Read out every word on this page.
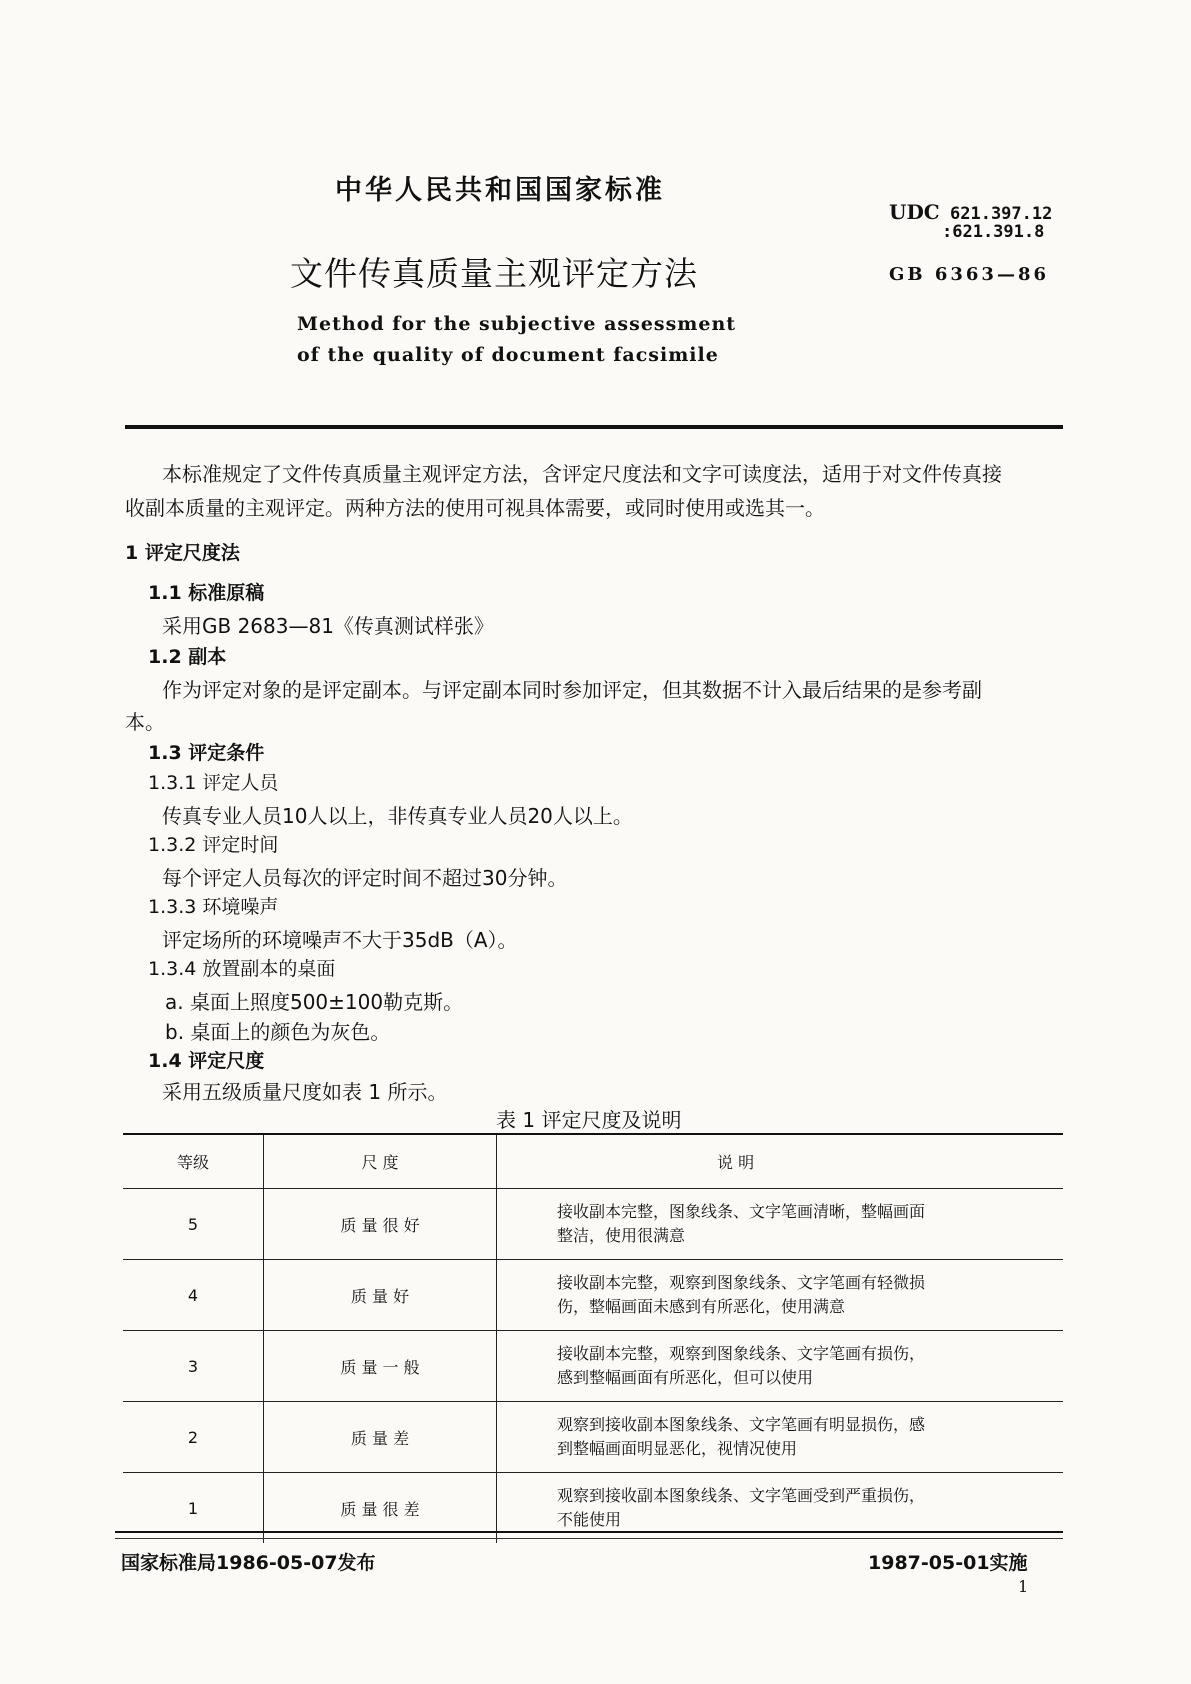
中华人民共和国国家标准
文件传真质量主观评定方法
Method for the subjective assessment
of the quality of document facsimile
UDC 621.397.12
:621.391.8
GB 6363—86
本标准规定了文件传真质量主观评定方法，含评定尺度法和文字可读度法，适用于对文件传真接
收副本质量的主观评定。两种方法的使用可视具体需要，或同时使用或选其一。
1 评定尺度法
1.1 标准原稿
采用GB 2683—81《传真测试样张》
1.2 副本
作为评定对象的是评定副本。与评定副本同时参加评定，但其数据不计入最后结果的是参考副
本。
1.3 评定条件
1.3.1 评定人员
传真专业人员10人以上，非传真专业人员20人以上。
1.3.2 评定时间
每个评定人员每次的评定时间不超过30分钟。
1.3.3 环境噪声
评定场所的环境噪声不大于35dB（A）。
1.3.4 放置副本的桌面
a. 桌面上照度500±100勒克斯。
b. 桌面上的颜色为灰色。
1.4 评定尺度
采用五级质量尺度如表 1 所示。
表 1 评定尺度及说明
等级	尺 度	说 明
5	质 量 很 好	接收副本完整，图象线条、文字笔画清晰，整幅画面
整洁，使用很满意

4	质 量 好	接收副本完整，观察到图象线条、文字笔画有轻微损
伤，整幅画面未感到有所恶化，使用满意

3	质 量 一 般	接收副本完整，观察到图象线条、文字笔画有损伤，
感到整幅画面有所恶化，但可以使用

2	质 量 差	观察到接收副本图象线条、文字笔画有明显损伤，感
到整幅画面明显恶化，视情况使用

1	质 量 很 差	观察到接收副本图象线条、文字笔画受到严重损伤，
不能使用
国家标准局1986-05-07发布	1987-05-01实施
1
